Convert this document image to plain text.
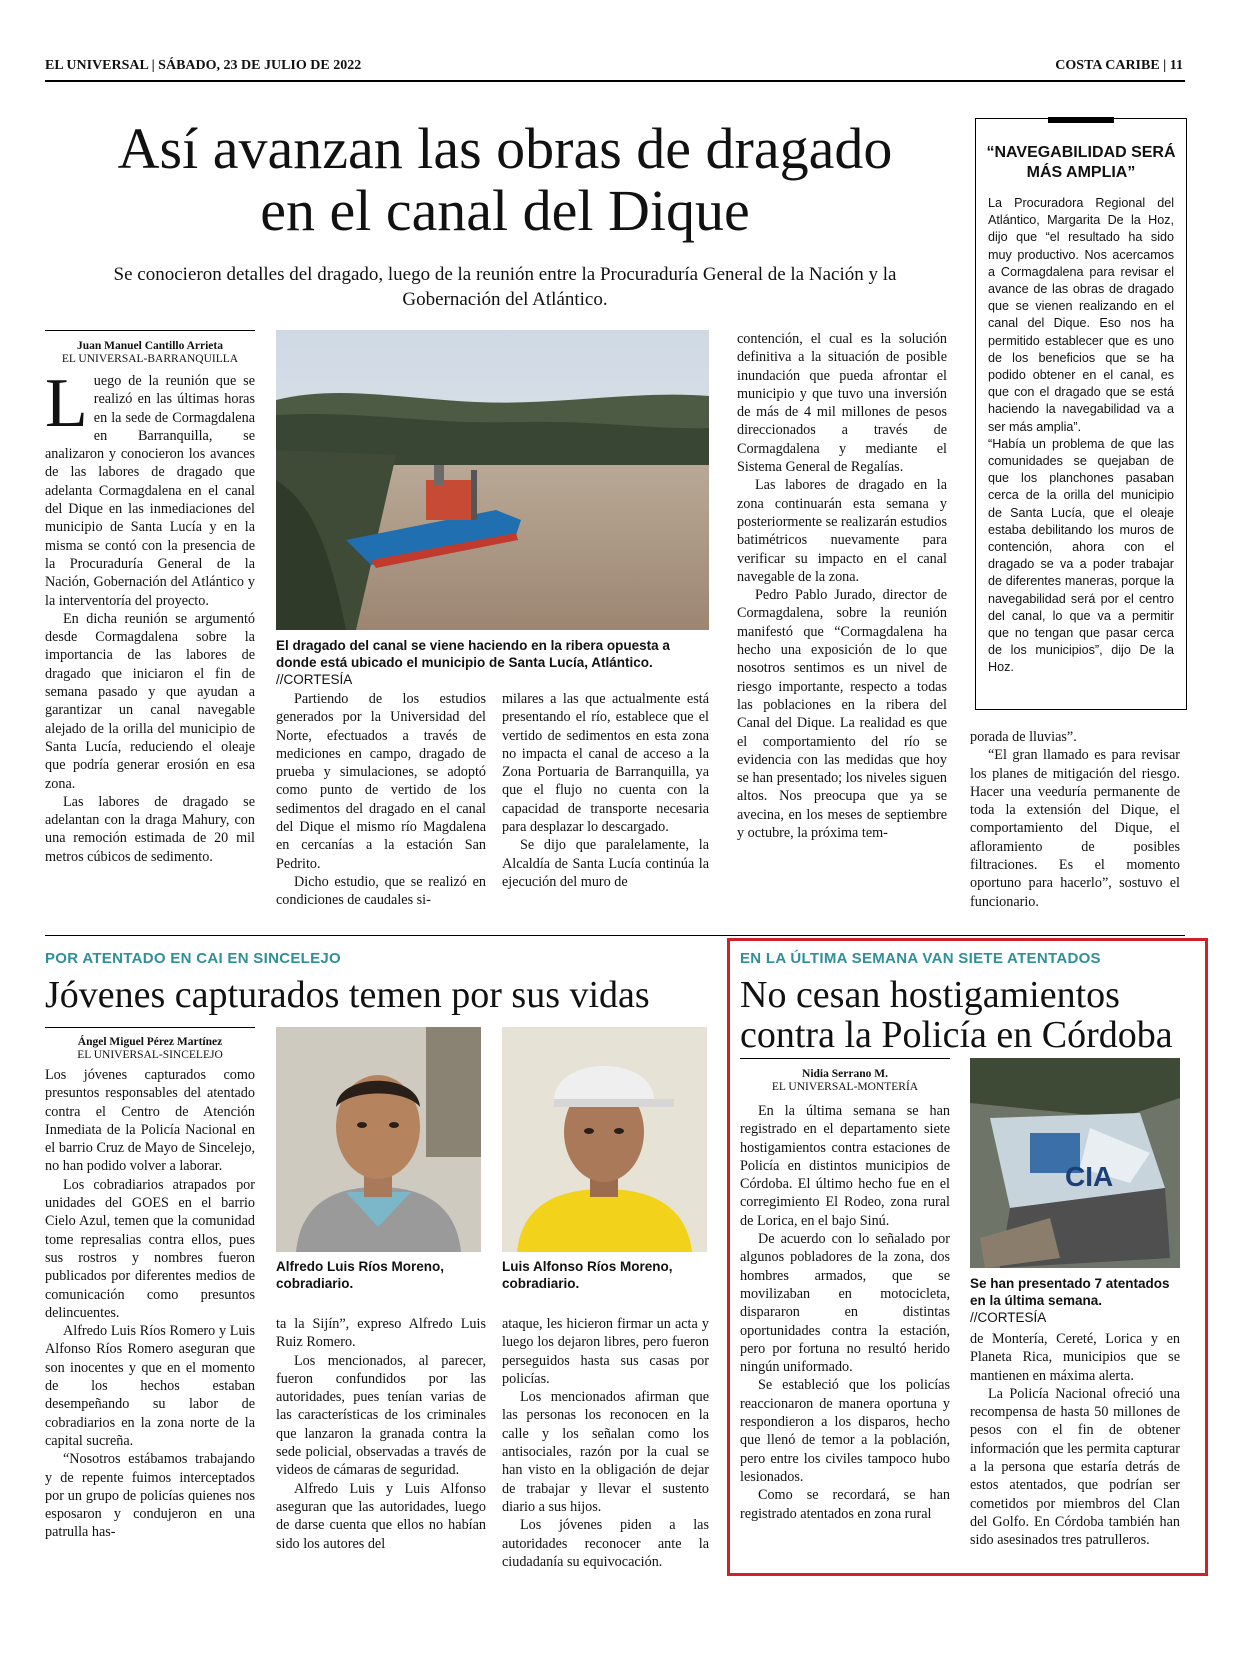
EL UNIVERSAL | SÁBADO, 23 DE JULIO DE 2022	COSTA CARIBE | 11
Así avanzan las obras de dragado en el canal del Dique
Se conocieron detalles del dragado, luego de la reunión entre la Procuraduría General de la Nación y la Gobernación del Atlántico.
“NAVEGABILIDAD SERÁ MÁS AMPLIA”

La Procuradora Regional del Atlántico, Margarita De la Hoz, dijo que “el resultado ha sido muy productivo. Nos acercamos a Cormagdalena para revisar el avance de las obras de dragado que se vienen realizando en el canal del Dique. Eso nos ha permitido establecer que es uno de los beneficios que se ha podido obtener en el canal, es que con el dragado que se está haciendo la navegabilidad va a ser más amplia”.

“Había un problema de que las comunidades se quejaban de que los planchones pasaban cerca de la orilla del municipio de Santa Lucía, que el oleaje estaba debilitando los muros de contención, ahora con el dragado se va a poder trabajar de diferentes maneras, porque la navegabilidad será por el centro del canal, lo que va a permitir que no tengan que pasar cerca de los municipios”, dijo De la Hoz.

Juan Manuel Cantillo Arrieta
EL UNIVERSAL-BARRANQUILLA

Luego de la reunión que se realizó en las últimas horas en la sede de Cormagdalena en Barranquilla, se analizaron y conocieron los avances de las labores de dragado que adelanta Cormagdalena en el canal del Dique en las inmediaciones del municipio de Santa Lucía y en la misma se contó con la presencia de la Procuraduría General de la Nación, Gobernación del Atlántico y la interventoría del proyecto.

En dicha reunión se argumentó desde Cormagdalena sobre la importancia de las labores de dragado que iniciaron el fin de semana pasado y que ayudan a garantizar un canal navegable alejado de la orilla del municipio de Santa Lucía, reduciendo el oleaje que podría generar erosión en esa zona.

Las labores de dragado se adelantan con la draga Mahury, con una remoción estimada de 20 mil metros cúbicos de sedimento.

El dragado del canal se viene haciendo en la ribera opuesta a donde está ubicado el municipio de Santa Lucía, Atlántico. //CORTESÍA

Partiendo de los estudios generados por la Universidad del Norte, efectuados a través de mediciones en campo, dragado de prueba y simulaciones, se adoptó como punto de vertido de los sedimentos del dragado en el canal del Dique el mismo río Magdalena en cercanías a la estación San Pedrito.

Dicho estudio, que se realizó en condiciones de caudales si-

milares a las que actualmente está presentando el río, establece que el vertido de sedimentos en esta zona no impacta el canal de acceso a la Zona Portuaria de Barranquilla, ya que el flujo no cuenta con la capacidad de transporte necesaria para desplazar lo descargado.

Se dijo que paralelamente, la Alcaldía de Santa Lucía continúa la ejecución del muro de

contención, el cual es la solución definitiva a la situación de posible inundación que pueda afrontar el municipio y que tuvo una inversión de más de 4 mil millones de pesos direccionados a través de Cormagdalena y mediante el Sistema General de Regalías.

Las labores de dragado en la zona continuarán esta semana y posteriormente se realizarán estudios batimétricos nuevamente para verificar su impacto en el canal navegable de la zona.

Pedro Pablo Jurado, director de Cormagdalena, sobre la reunión manifestó que “Cormagdalena ha hecho una exposición de lo que nosotros sentimos es un nivel de riesgo importante, respecto a todas las poblaciones en la ribera del Canal del Dique. La realidad es que el comportamiento del río se evidencia con las medidas que hoy se han presentado; los niveles siguen altos. Nos preocupa que ya se avecina, en los meses de septiembre y octubre, la próxima tem-

porada de lluvias”.

“El gran llamado es para revisar los planes de mitigación del riesgo. Hacer una veeduría permanente de toda la extensión del Dique, el comportamiento del Dique, el afloramiento de posibles filtraciones. Es el momento oportuno para hacerlo”, sostuvo el funcionario.

POR ATENTADO EN CAI EN SINCELEJO
Jóvenes capturados temen por sus vidas
Ángel Miguel Pérez Martínez
EL UNIVERSAL-SINCELEJO

Los jóvenes capturados como presuntos responsables del atentado contra el Centro de Atención Inmediata de la Policía Nacional en el barrio Cruz de Mayo de Sincelejo, no han podido volver a laborar.

Los cobradiarios atrapados por unidades del GOES en el barrio Cielo Azul, temen que la comunidad tome represalias contra ellos, pues sus rostros y nombres fueron publicados por diferentes medios de comunicación como presuntos delincuentes.

Alfredo Luis Ríos Romero y Luis Alfonso Ríos Romero aseguran que son inocentes y que en el momento de los hechos estaban desempeñando su labor de cobradiarios en la zona norte de la capital sucreña.

“Nosotros estábamos trabajando y de repente fuimos interceptados por un grupo de policías quienes nos esposaron y condujeron en una patrulla has-

Alfredo Luis Ríos Moreno, cobradiario.
Luis Alfonso Ríos Moreno, cobradiario.

ta la Sijín”, expreso Alfredo Luis Ruiz Romero.

Los mencionados, al parecer, fueron confundidos por las autoridades, pues tenían varias de las características de los criminales que lanzaron la granada contra la sede policial, observadas a través de videos de cámaras de seguridad.

Alfredo Luis y Luis Alfonso aseguran que las autoridades, luego de darse cuenta que ellos no habían sido los autores del

ataque, les hicieron firmar un acta y luego los dejaron libres, pero fueron perseguidos hasta sus casas por policías.

Los mencionados afirman que las personas los reconocen en la calle y los señalan como los antisociales, razón por la cual se han visto en la obligación de dejar de trabajar y llevar el sustento diario a sus hijos.

Los jóvenes piden a las autoridades reconocer ante la ciudadanía su equivocación.

EN LA ÚLTIMA SEMANA VAN SIETE ATENTADOS
No cesan hostigamientos contra la Policía en Córdoba
Nidia Serrano M.
EL UNIVERSAL-MONTERÍA

En la última semana se han registrado en el departamento siete hostigamientos contra estaciones de Policía en distintos municipios de Córdoba. El último hecho fue en el corregimiento El Rodeo, zona rural de Lorica, en el bajo Sinú.

De acuerdo con lo señalado por algunos pobladores de la zona, dos hombres armados, que se movilizaban en motocicleta, dispararon en distintas oportunidades contra la estación, pero por fortuna no resultó herido ningún uniformado.

Se estableció que los policías reaccionaron de manera oportuna y respondieron a los disparos, hecho que llenó de temor a la población, pero entre los civiles tampoco hubo lesionados.

Como se recordará, se han registrado atentados en zona rural

CIA
Se han presentado 7 atentados en la última semana. //CORTESÍA

de Montería, Cereté, Lorica y en Planeta Rica, municipios que se mantienen en máxima alerta.

La Policía Nacional ofreció una recompensa de hasta 50 millones de pesos con el fin de obtener información que les permita capturar a la persona que estaría detrás de estos atentados, que podrían ser cometidos por miembros del Clan del Golfo. En Córdoba también han sido asesinados tres patrulleros.
